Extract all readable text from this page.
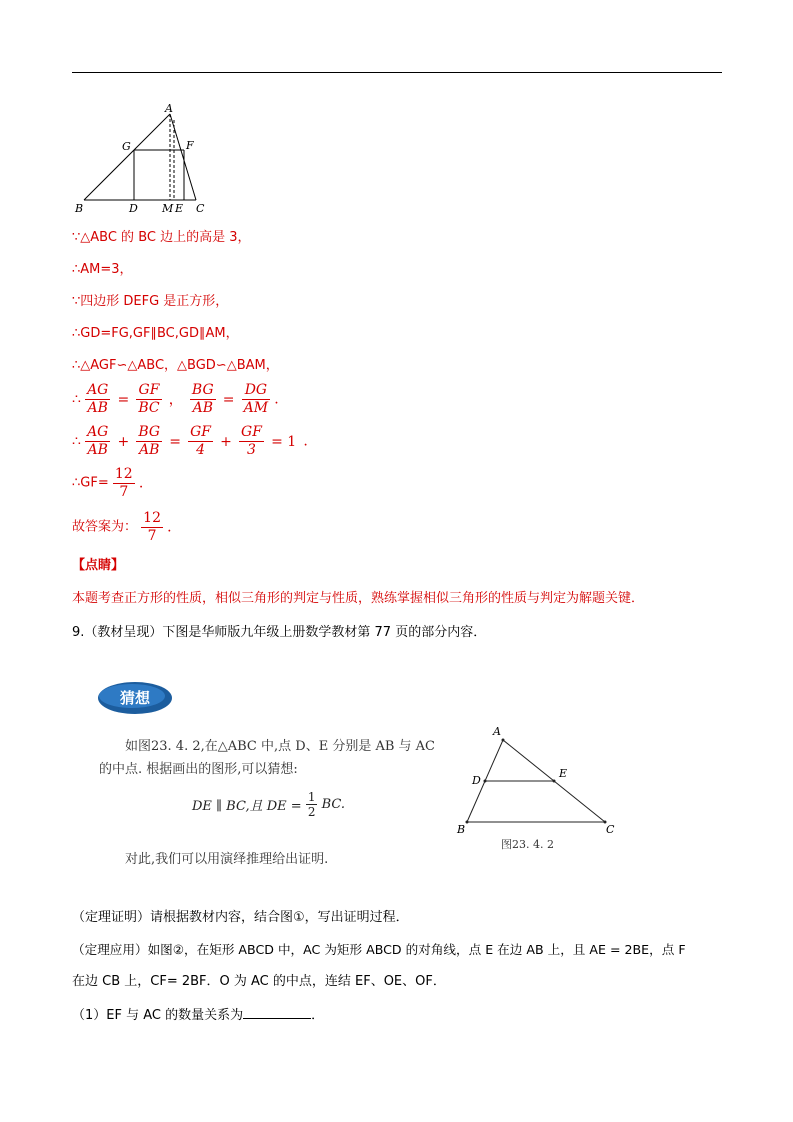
A
G	F
B	D M E C
∵△ABC 的 BC 边上的高是 3，
∴AM=3，
∵四边形 DEFG 是正方形，
∴GD=FG,GF∥BC,GD∥AM，
∴△AGF∽△ABC，△BGD∽△BAM，
∴ $\frac{AG}{AB} = \frac{GF}{BC}$ ， $\frac{BG}{AB} = \frac{DG}{AM}$ .
∴ $\frac{AG}{AB} + \frac{BG}{AB} = \frac{GF}{4} + \frac{GF}{3} = 1$ .
∴GF= $\frac{12}{7}$ .
故答案为： $\frac{12}{7}$ .
【点睛】
本题考查正方形的性质，相似三角形的判定与性质，熟练掌握相似三角形的性质与判定为解题关键．
9.（教材呈现）下图是华师版九年级上册数学教材第 77 页的部分内容．
猜想
如图23. 4. 2,在△ABC 中,点 D、E 分别是 AB 与 AC
的中点. 根据画出的图形,可以猜想:
DE ∥ BC,且 DE = $\frac{1}{2}$ BC.
对此,我们可以用演绎推理给出证明.
A
D
E
B	C
图23. 4. 2
（定理证明）请根据教材内容，结合图①，写出证明过程．
（定理应用）如图②，在矩形 ABCD 中，AC 为矩形 ABCD 的对角线，点 E 在边 AB 上，且 AE = 2BE，点 F
在边 CB 上，CF= 2BF．O 为 AC 的中点，连结 EF、OE、OF．
（1）EF 与 AC 的数量关系为	．
